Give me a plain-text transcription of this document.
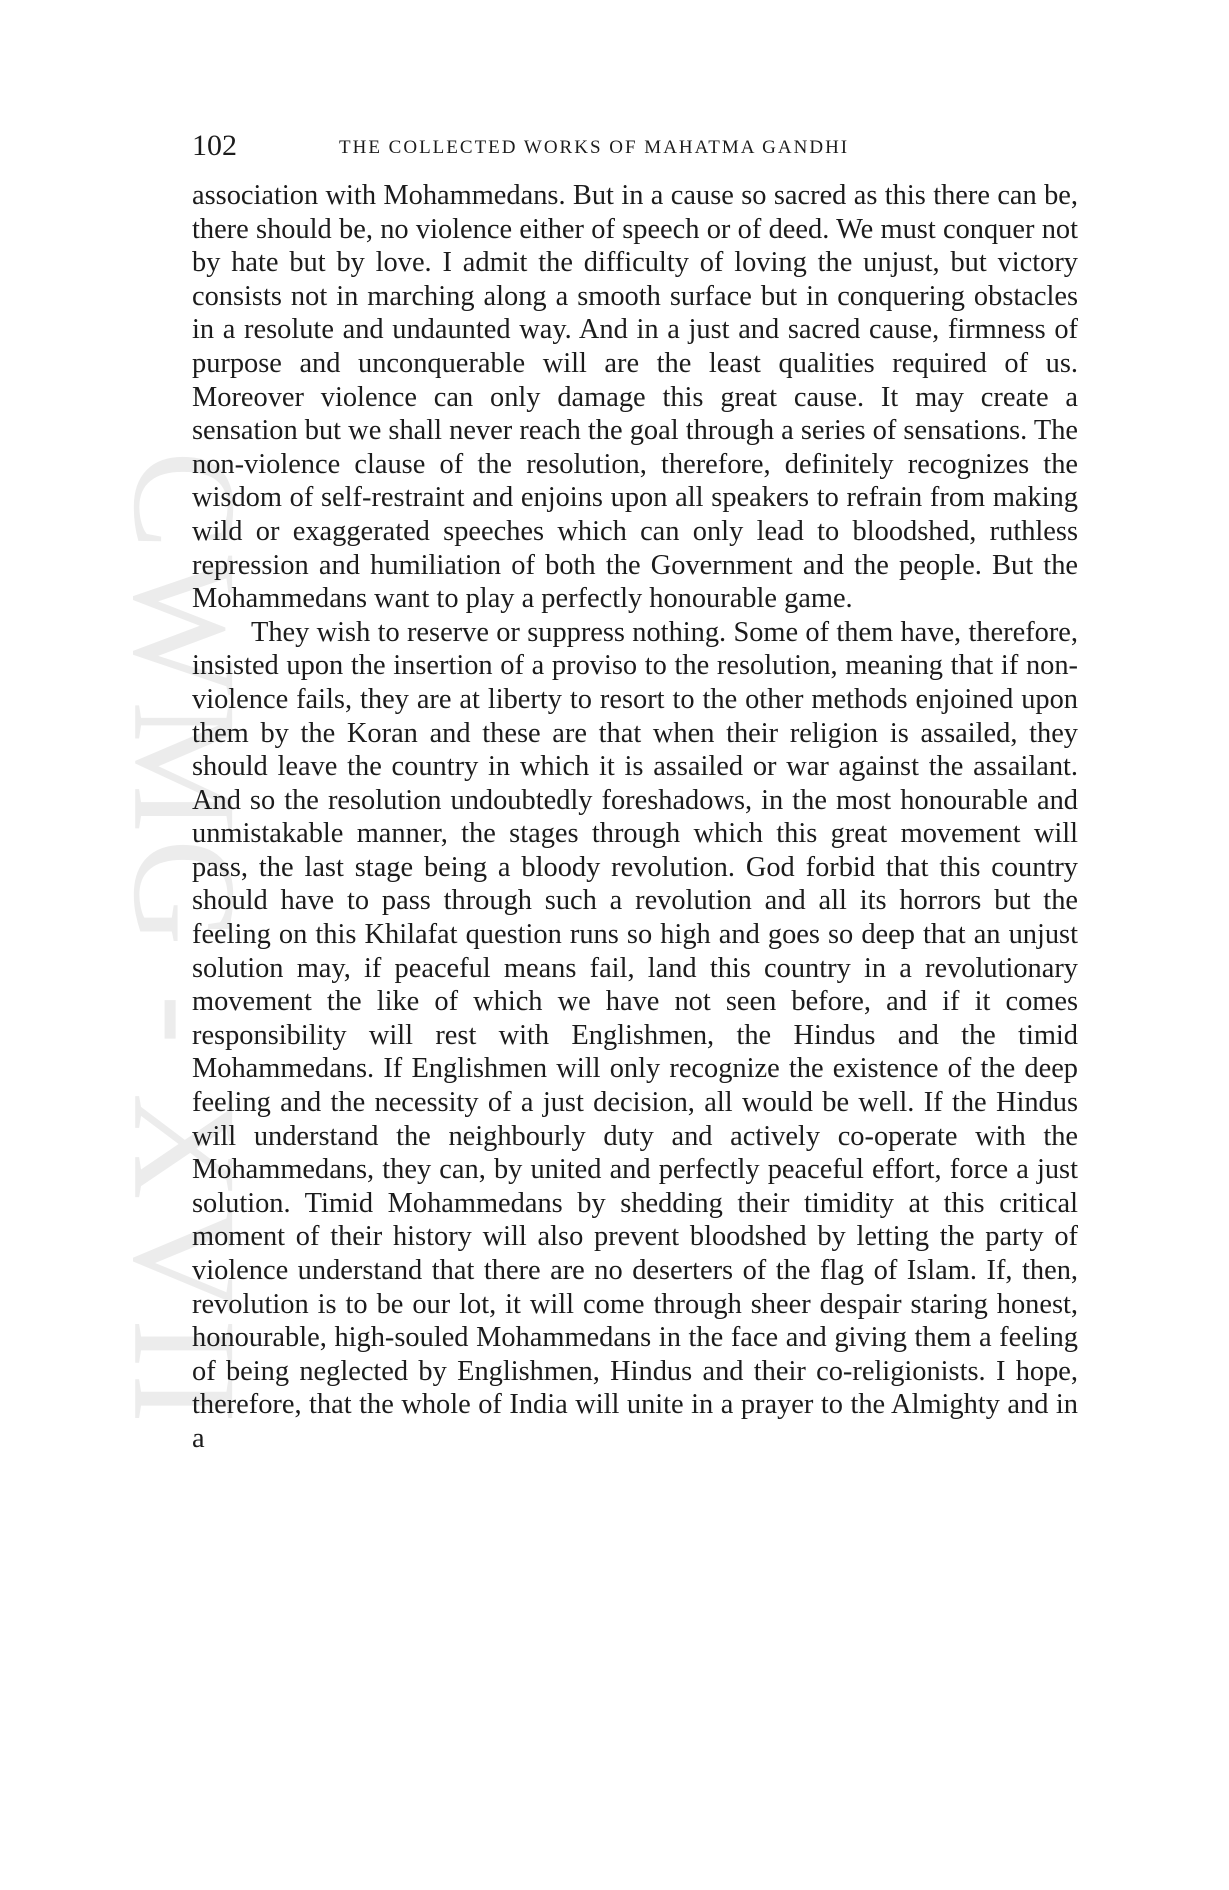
CWMG - XVII
102	THE COLLECTED WORKS OF MAHATMA GANDHI

association with Mohammedans. But in a cause so sacred as this there can be, there should be, no violence either of speech or of deed. We must conquer not by hate but by love. I admit the difficulty of loving the unjust, but victory consists not in marching along a smooth surface but in conquering obstacles in a resolute and undaunted way. And in a just and sacred cause, firmness of purpose and unconquerable will are the least qualities required of us. Moreover violence can only damage this great cause. It may create a sensation but we shall never reach the goal through a series of sensations. The non-violence clause of the resolution, therefore, definitely recognizes the wisdom of self-restraint and enjoins upon all speakers to refrain from making wild or exaggerated speeches which can only lead to bloodshed, ruthless repression and humiliation of both the Government and the people. But the Mohammedans want to play a perfectly honourable game.

They wish to reserve or suppress nothing. Some of them have, therefore, insisted upon the insertion of a proviso to the resolution, meaning that if non-violence fails, they are at liberty to resort to the other methods enjoined upon them by the Koran and these are that when their religion is assailed, they should leave the country in which it is assailed or war against the assailant. And so the resolution undoubtedly foreshadows, in the most honourable and unmistakable manner, the stages through which this great movement will pass, the last stage being a bloody revolution. God forbid that this country should have to pass through such a revolution and all its horrors but the feeling on this Khilafat question runs so high and goes so deep that an unjust solution may, if peaceful means fail, land this country in a revolutionary movement the like of which we have not seen before, and if it comes responsibility will rest with Englishmen, the Hindus and the timid Mohammedans. If Englishmen will only recognize the existence of the deep feeling and the necessity of a just decision, all would be well. If the Hindus will understand the neighbourly duty and actively co-operate with the Mohammedans, they can, by united and perfectly peaceful effort, force a just solution. Timid Mohammedans by shedding their timidity at this critical moment of their history will also prevent bloodshed by letting the party of violence understand that there are no deserters of the flag of Islam. If, then, revolution is to be our lot, it will come through sheer despair staring honest, honourable, high-souled Mohammedans in the face and giving them a feeling of being neglected by Englishmen, Hindus and their co-religionists. I hope, therefore, that the whole of India will unite in a prayer to the Almighty and in a
